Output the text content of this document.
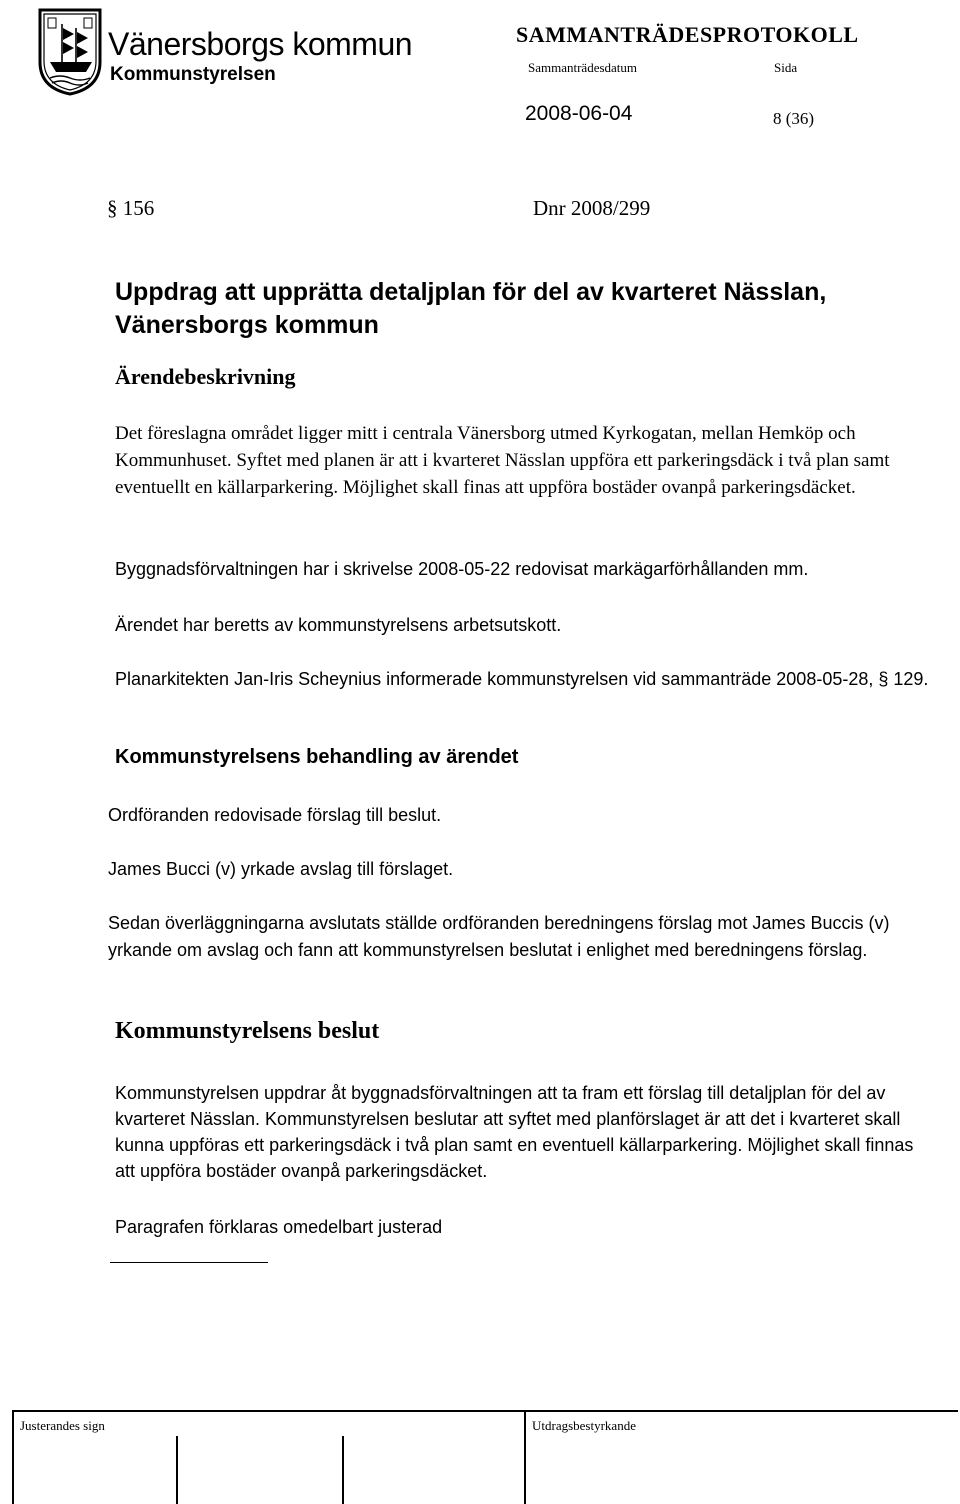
Vänersborgs kommun
Kommunstyrelsen
SAMMANTRÄDESPROTOKOLL
Sammanträdesdatum	Sida
2008-06-04	8 (36)
§ 156	Dnr 2008/299
Uppdrag att upprätta detaljplan för del av kvarteret Nässlan, Vänersborgs kommun
Ärendebeskrivning
Det föreslagna området ligger mitt i centrala Vänersborg utmed Kyrkogatan, mellan Hemköp och Kommunhuset. Syftet med planen är att i kvarteret Nässlan uppföra ett parkeringsdäck i två plan samt eventuellt en källarparkering. Möjlighet skall finas att uppföra bostäder ovanpå parkeringsdäcket.
Byggnadsförvaltningen har i skrivelse 2008-05-22 redovisat markägarförhållanden mm.
Ärendet har beretts av kommunstyrelsens arbetsutskott.
Planarkitekten Jan-Iris Scheynius informerade kommunstyrelsen vid sammanträde 2008-05-28, § 129.
Kommunstyrelsens behandling av ärendet
Ordföranden redovisade förslag till beslut.
James Bucci (v) yrkade avslag till förslaget.
Sedan överläggningarna avslutats ställde ordföranden beredningens förslag mot James Buccis (v) yrkande om avslag och fann att kommunstyrelsen beslutat i enlighet med beredningens förslag.
Kommunstyrelsens beslut
Kommunstyrelsen uppdrar åt byggnadsförvaltningen att ta fram ett förslag till detaljplan för del av kvarteret Nässlan. Kommunstyrelsen beslutar att syftet med planförslaget är att det i kvarteret skall kunna uppföras ett parkeringsdäck i två plan samt en eventuell källarparkering. Möjlighet skall finnas att uppföra bostäder ovanpå parkeringsdäcket.
Paragrafen förklaras omedelbart justerad
Justerandes sign	Utdragsbestyrkande
